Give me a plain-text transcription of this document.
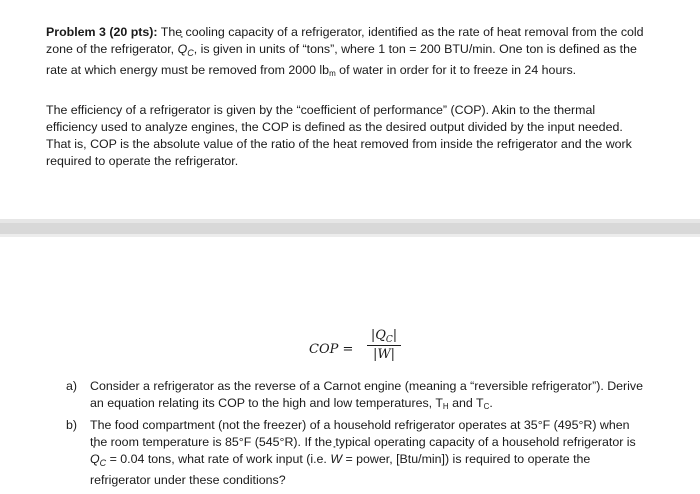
Problem 3 (20 pts): The cooling capacity of a refrigerator, identified as the rate of heat removal from the cold zone of the refrigerator, ˙ $Q_C$, is given in units of “tons”, where 1 ton = 200 BTU/min. One ton is defined as the rate at which energy must be removed from 2000 lbm of water in order for it to freeze in 24 hours.
The efficiency of a refrigerator is given by the “coefficient of performance” (COP). Akin to the thermal efficiency used to analyze engines, the COP is defined as the desired output divided by the input needed. That is, COP is the absolute value of the ratio of the heat removed from inside the refrigerator and the work required to operate the refrigerator.
COP =
$|Q_C|$
|W|
a) Consider a refrigerator as the reverse of a Carnot engine (meaning a “reversible refrigerator”). Derive an equation relating its COP to the high and low temperatures, TH and TC.
b) The food compartment (not the freezer) of a household refrigerator operates at 35°F (495°R) when the room temperature is 85°F (545°R). If the typical operating capacity of a household refrigerator is ˙ $Q_C = 0.04$ tons, what rate of work input (i.e. ˙ W = power, [Btu/min]) is required to operate the refrigerator under these conditions?
